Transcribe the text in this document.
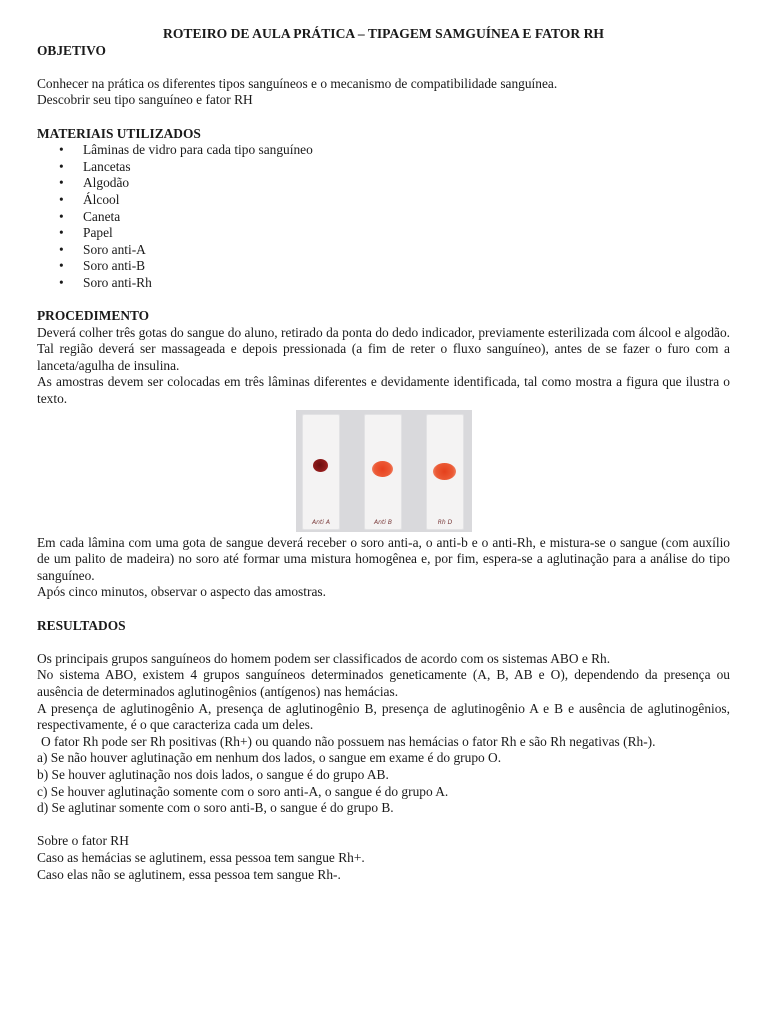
ROTEIRO DE AULA PRÁTICA – TIPAGEM SAMGUÍNEA E FATOR RH

OBJETIVO

Conhecer na prática os diferentes tipos sanguíneos e o mecanismo de compatibilidade sanguínea.

Descobrir seu tipo sanguíneo e fator RH

MATERIAIS UTILIZADOS

• Lâminas de vidro para cada tipo sanguíneo
• Lancetas
• Algodão
• Álcool
• Caneta
• Papel
• Soro anti-A
• Soro anti-B
• Soro anti-Rh

PROCEDIMENTO

Deverá colher três gotas do sangue do aluno, retirado da ponta do dedo indicador, previamente esterilizada com álcool e algodão. Tal região deverá ser massageada e depois pressionada (a fim de reter o fluxo sanguíneo), antes de se fazer o furo com a lanceta/agulha de insulina.

As amostras devem ser colocadas em três lâminas diferentes e devidamente identificada, tal como mostra a figura que ilustra o texto.

Anti A	Anti B	Rh D

Em cada lâmina com uma gota de sangue deverá receber o soro anti-a, o anti-b e o anti-Rh, e mistura-se o sangue (com auxílio de um palito de madeira) no soro até formar uma mistura homogênea e, por fim, espera-se a aglutinação para a análise do tipo sanguíneo.

Após cinco minutos, observar o aspecto das amostras.

RESULTADOS

Os principais grupos sanguíneos do homem podem ser classificados de acordo com os sistemas ABO e Rh.

No sistema ABO, existem 4 grupos sanguíneos determinados geneticamente (A, B, AB e O), dependendo da presença ou ausência de determinados aglutinogênios (antígenos) nas hemácias.

A presença de aglutinogênio A, presença de aglutinogênio B, presença de aglutinogênio A e B e ausência de aglutinogênios, respectivamente, é o que caracteriza cada um deles.

O fator Rh pode ser Rh positivas (Rh+) ou quando não possuem nas hemácias o fator Rh e são Rh negativas (Rh-).

a) Se não houver aglutinação em nenhum dos lados, o sangue em exame é do grupo O.

b) Se houver aglutinação nos dois lados, o sangue é do grupo AB.

c) Se houver aglutinação somente com o soro anti-A, o sangue é do grupo A.

d) Se aglutinar somente com o soro anti-B, o sangue é do grupo B.

Sobre o fator RH

Caso as hemácias se aglutinem, essa pessoa tem sangue Rh+.

Caso elas não se aglutinem, essa pessoa tem sangue Rh-.
